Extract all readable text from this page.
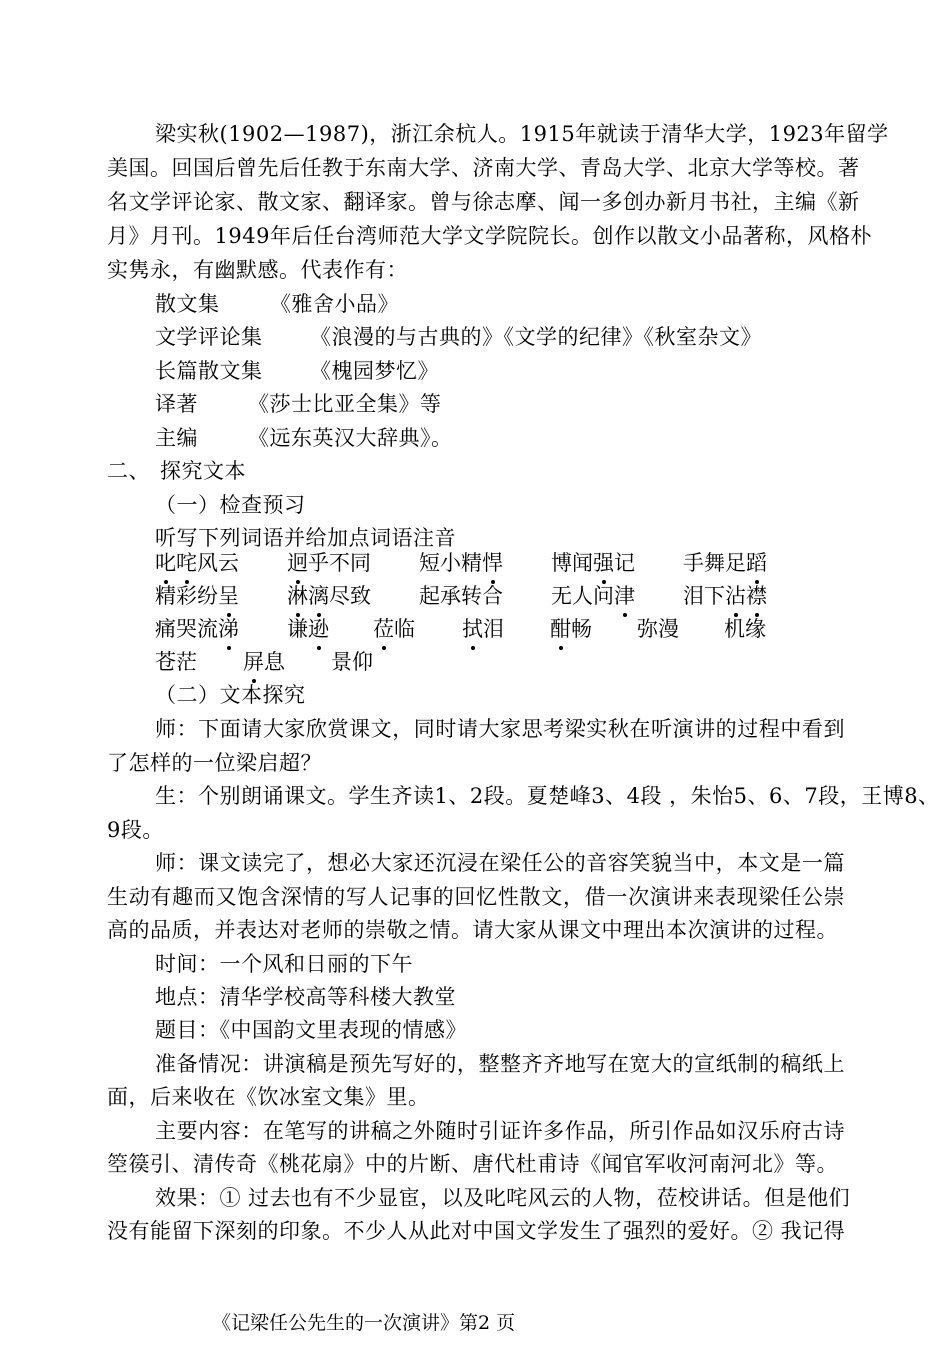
梁实秋(1902—1987)，浙江余杭人。1915年就读于清华大学，1923年留学
美国。回国后曾先后任教于东南大学、济南大学、青岛大学、北京大学等校。著
名文学评论家、散文家、翻译家。曾与徐志摩、闻一多创办新月书社，主编《新
月》月刊。1949年后任台湾师范大学文学院院长。创作以散文小品著称，风格朴
实隽永，有幽默感。代表作有：
散文集 《雅舍小品》
文学评论集 《浪漫的与古典的》《文学的纪律》《秋室杂文》
长篇散文集 《槐园梦忆》
译著 《莎士比亚全集》等
主编 《远东英汉大辞典》。
二、 探究文本
（一）检查预习
听写下列词语并给加点词语注音
叱咤风云 迥乎不同 短小精悍 博闻强记 手舞足蹈
精彩纷呈 淋漓尽致 起承转合 无人问津 泪下沾襟
痛哭流涕 谦逊 莅临 拭泪 酣畅 弥漫 机缘
苍茫 屏息 景仰
（二）文本探究
师：下面请大家欣赏课文，同时请大家思考梁实秋在听演讲的过程中看到
了怎样的一位梁启超？
生：个别朗诵课文。学生齐读1、2段。夏楚峰3、4段 ，朱怡5、6、7段，王博8、
9段。
师：课文读完了，想必大家还沉浸在梁任公的音容笑貌当中，本文是一篇
生动有趣而又饱含深情的写人记事的回忆性散文，借一次演讲来表现梁任公崇
高的品质，并表达对老师的崇敬之情。请大家从课文中理出本次演讲的过程。
时间：一个风和日丽的下午
地点：清华学校高等科楼大教堂
题目：《中国韵文里表现的情感》
准备情况：讲演稿是预先写好的，整整齐齐地写在宽大的宣纸制的稿纸上
面，后来收在《饮冰室文集》里。
主要内容：在笔写的讲稿之外随时引证许多作品，所引作品如汉乐府古诗
箜篌引、清传奇《桃花扇》中的片断、唐代杜甫诗《闻官军收河南河北》等。
效果：① 过去也有不少显宦，以及叱咤风云的人物，莅校讲话。但是他们
没有能留下深刻的印象。不少人从此对中国文学发生了强烈的爱好。② 我记得
《记梁任公先生的一次演讲》第2 页
